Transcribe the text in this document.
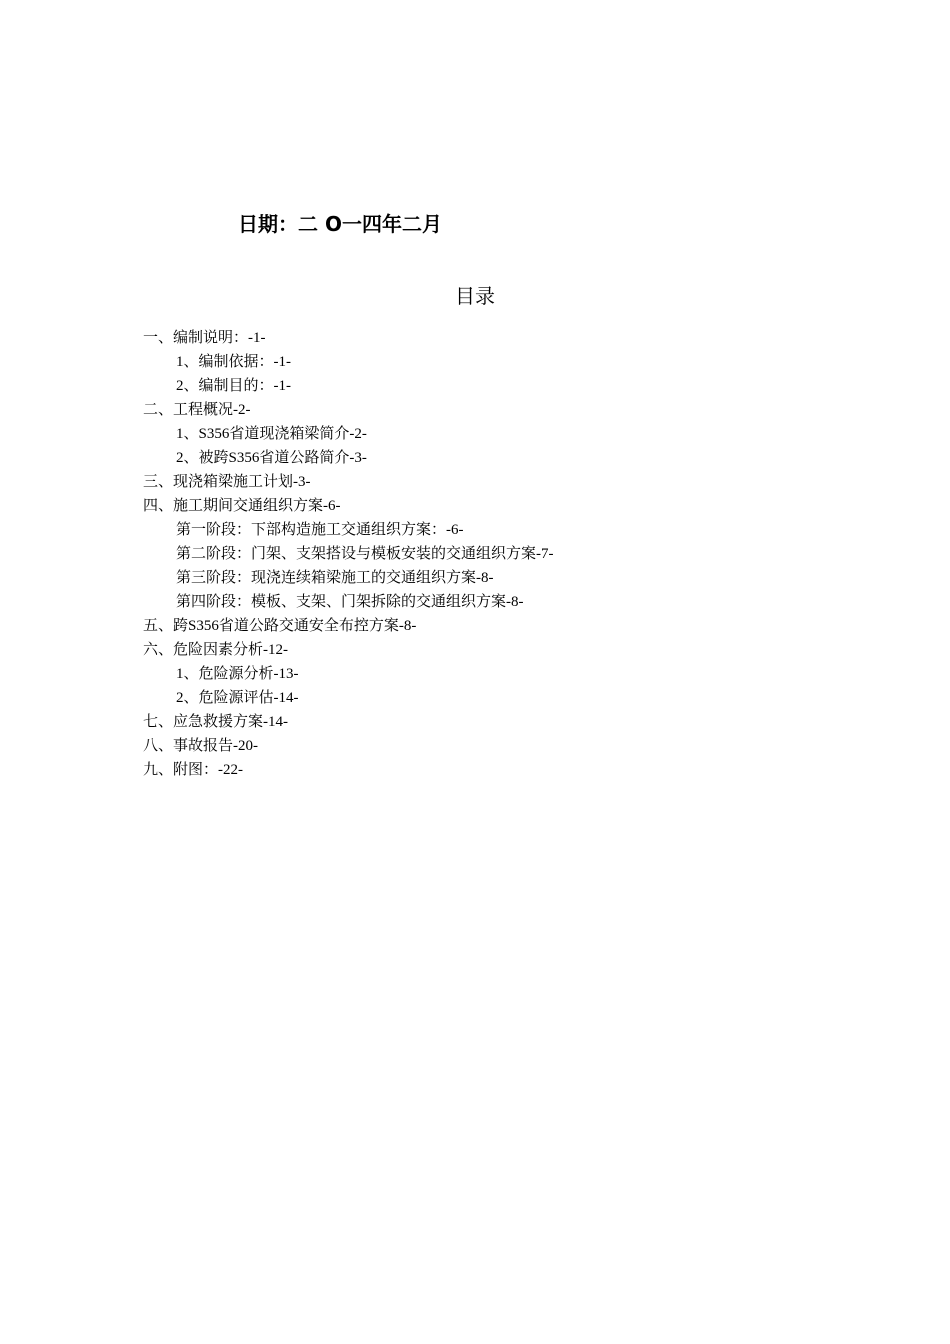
日期：二 O一四年二月
目录
一、编制说明：-1-
1、编制依据：-1-
2、编制目的：-1-
二、工程概况-2-
1、S356省道现浇箱梁简介-2-
2、被跨S356省道公路简介-3-
三、现浇箱梁施工计划-3-
四、施工期间交通组织方案-6-
第一阶段：下部构造施工交通组织方案：-6-
第二阶段：门架、支架搭设与模板安装的交通组织方案-7-
第三阶段：现浇连续箱梁施工的交通组织方案-8-
第四阶段：模板、支架、门架拆除的交通组织方案-8-
五、跨S356省道公路交通安全布控方案-8-
六、危险因素分析-12-
1、危险源分析-13-
2、危险源评估-14-
七、应急救援方案-14-
八、事故报告-20-
九、附图：-22-
